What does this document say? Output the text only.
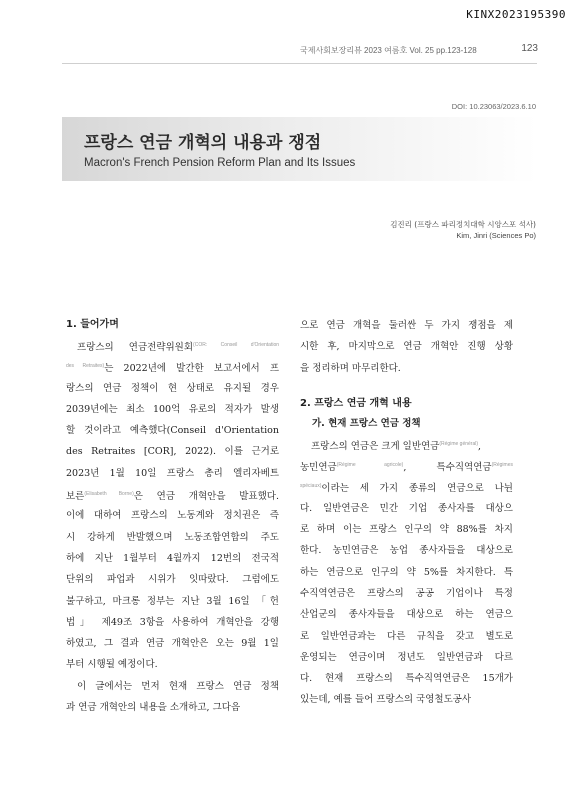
KINX2023195390
국제사회보장리뷰 2023 여름호 Vol. 25 pp.123-128	123
DOI: 10.23063/2023.6.10
프랑스 연금 개혁의 내용과 쟁점
Macron's French Pension Reform Plan and Its Issues
김진리 (프랑스 파리정치대학 시앙스포 석사)
Kim, Jinri (Sciences Po)
1. 들어가며
프랑스의 연금전략위원회$^{(COR: Conseil d'Orientation}$
$^{des Retraites)}$는 2022년에 발간한 보고서에서 프
랑스의 연금 정책이 현 상태로 유지될 경우
2039년에는 최소 100억 유로의 적자가 발생
할 것이라고 예측했다(Conseil d'Orientation
des Retraites [COR], 2022). 이를 근거로
2023년 1월 10일 프랑스 총리 엘리자베트
보른$^{(Elisabeth Borne)}$은 연금 개혁안을 발표했다.
이에 대하여 프랑스의 노동계와 정치권은 즉
시 강하게 반발했으며 노동조합연합의 주도
하에 지난 1월부터 4월까지 12번의 전국적
단위의 파업과 시위가 잇따랐다. 그럼에도
불구하고, 마크롱 정부는 지난 3월 16일 「헌
법」 제49조 3항을 사용하여 개혁안을 강행
하였고, 그 결과 연금 개혁안은 오는 9월 1일
부터 시행될 예정이다.
이 글에서는 먼저 현재 프랑스 연금 정책
과 연금 개혁안의 내용을 소개하고, 그다음
으로 연금 개혁을 둘러싼 두 가지 쟁점을 제
시한 후, 마지막으로 연금 개혁안 진행 상황
을 정리하며 마무리한다.
2. 프랑스 연금 개혁 내용
가. 현재 프랑스 연금 정책
프랑스의 연금은 크게 일반연금$^{(Régime général)}$,
농민연금$^{(Régime agricole)}$, 특수직역연금$^{(Régimes}$
$^{spéciaux)}$이라는 세 가지 종류의 연금으로 나뉜
다. 일반연금은 민간 기업 종사자를 대상으
로 하며 이는 프랑스 인구의 약 88%를 차지
한다. 농민연금은 농업 종사자들을 대상으로
하는 연금으로 인구의 약 5%를 차지한다. 특
수직역연금은 프랑스의 공공 기업이나 특정
산업군의 종사자들을 대상으로 하는 연금으
로 일반연금과는 다른 규칙을 갖고 별도로
운영되는 연금이며 정년도 일반연금과 다르
다. 현재 프랑스의 특수직역연금은 15개가
있는데, 예를 들어 프랑스의 국영철도공사
